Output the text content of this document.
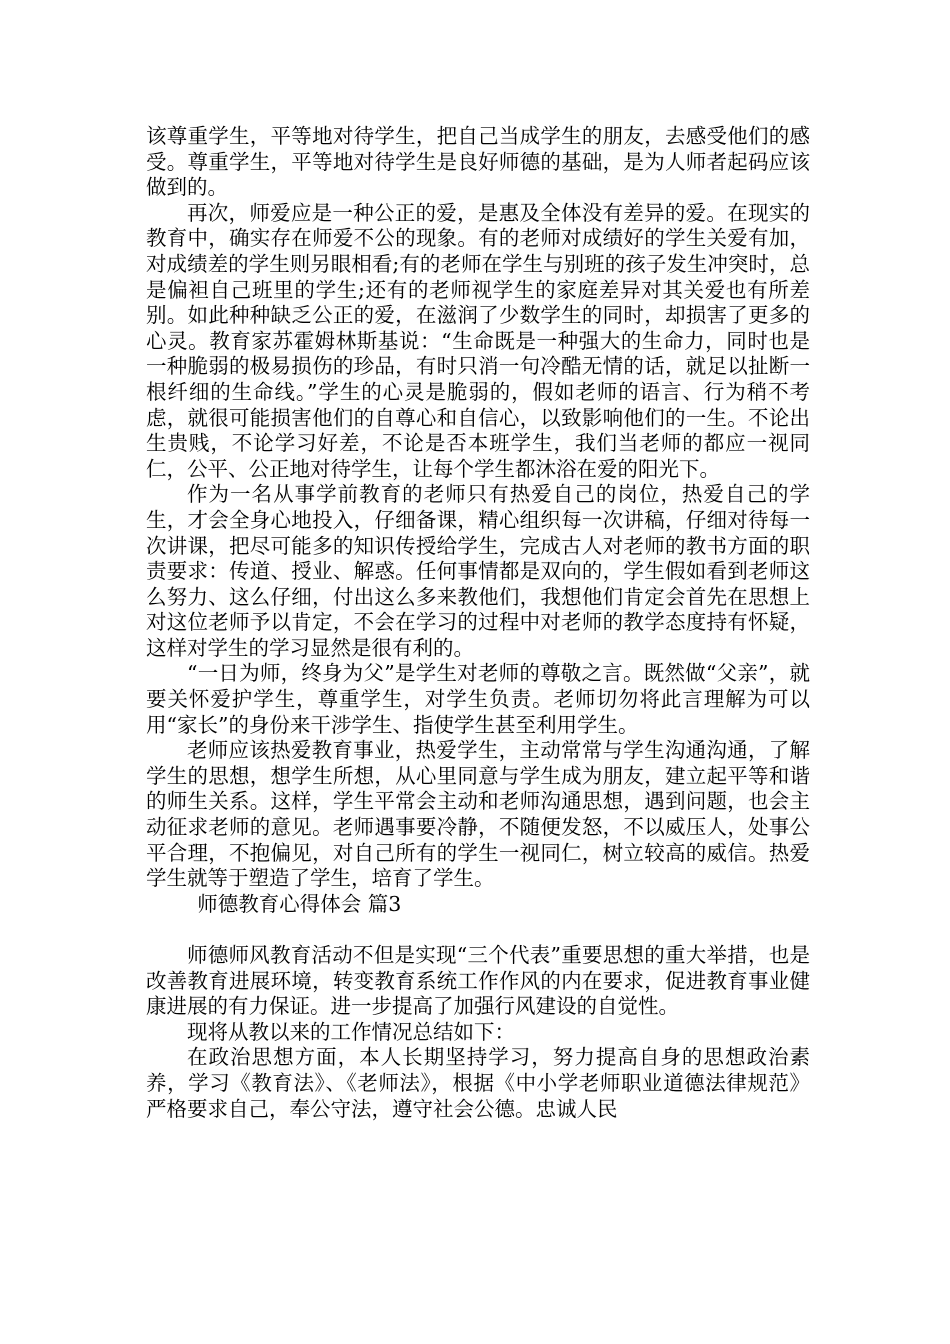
该尊重学生，平等地对待学生，把自己当成学生的朋友，去感受他们的感受。尊重学生，平等地对待学生是良好师德的基础，是为人师者起码应该做到的。

再次，师爱应是一种公正的爱，是惠及全体没有差异的爱。在现实的教育中，确实存在师爱不公的现象。有的老师对成绩好的学生关爱有加，对成绩差的学生则另眼相看;有的老师在学生与别班的孩子发生冲突时，总是偏袒自己班里的学生;还有的老师视学生的家庭差异对其关爱也有所差别。如此种种缺乏公正的爱，在滋润了少数学生的同时，却损害了更多的心灵。教育家苏霍姆林斯基说：“生命既是一种强大的生命力，同时也是一种脆弱的极易损伤的珍品，有时只消一句冷酷无情的话，就足以扯断一根纤细的生命线。”学生的心灵是脆弱的，假如老师的语言、行为稍不考虑，就很可能损害他们的自尊心和自信心，以致影响他们的一生。不论出生贵贱，不论学习好差，不论是否本班学生，我们当老师的都应一视同仁，公平、公正地对待学生，让每个学生都沐浴在爱的阳光下。

作为一名从事学前教育的老师只有热爱自己的岗位，热爱自己的学生，才会全身心地投入，仔细备课，精心组织每一次讲稿，仔细对待每一次讲课，把尽可能多的知识传授给学生，完成古人对老师的教书方面的职责要求：传道、授业、解惑。任何事情都是双向的，学生假如看到老师这么努力、这么仔细，付出这么多来教他们，我想他们肯定会首先在思想上对这位老师予以肯定，不会在学习的过程中对老师的教学态度持有怀疑，这样对学生的学习显然是很有利的。

“一日为师，终身为父”是学生对老师的尊敬之言。既然做“父亲”，就要关怀爱护学生，尊重学生，对学生负责。老师切勿将此言理解为可以用“家长”的身份来干涉学生、指使学生甚至利用学生。

老师应该热爱教育事业，热爱学生，主动常常与学生沟通沟通，了解学生的思想，想学生所想，从心里同意与学生成为朋友，建立起平等和谐的师生关系。这样，学生平常会主动和老师沟通思想，遇到问题，也会主动征求老师的意见。老师遇事要冷静，不随便发怒，不以威压人，处事公平合理，不抱偏见，对自己所有的学生一视同仁，树立较高的威信。热爱学生就等于塑造了学生，培育了学生。

师德教育心得体会 篇3

师德师风教育活动不但是实现“三个代表”重要思想的重大举措，也是改善教育进展环境，转变教育系统工作作风的内在要求，促进教育事业健康进展的有力保证。进一步提高了加强行风建设的自觉性。

现将从教以来的工作情况总结如下：

在政治思想方面，本人长期坚持学习，努力提高自身的思想政治素养，学习《教育法》、《老师法》，根据《中小学老师职业道德法律规范》严格要求自己，奉公守法，遵守社会公德。忠诚人民
